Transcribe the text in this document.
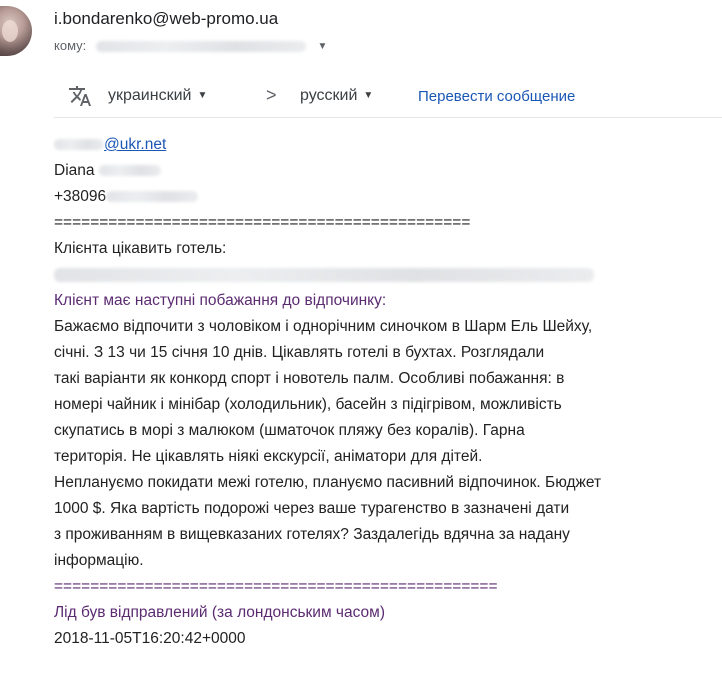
i.bondarenko@web-promo.ua
кому:	▼
украинский ▼	> русский ▼	Перевести сообщение
@ukr.net
Diana
+38096
==============================================
Клієнта цікавить готель:
Клієнт має наступні побажання до відпочинку:
Бажаємо відпочити з чоловіком і однорічним синочком в Шарм Ель Шейху,
січні. З 13 чи 15 січня 10 днів. Цікавлять готелі в бухтах. Розглядали
такі варіанти як конкорд спорт і новотель палм. Особливі побажання: в
номері чайник і мінібар (холодильник), басейн з підігрівом, можливість
скупатись в морі з малюком (шматочок пляжу без коралів). Гарна
територія. Не цікавлять ніякі екскурсії, аніматори для дітей.
Неплануємо покидати межі готелю, плануємо пасивний відпочинок. Бюджет
1000 $. Яка вартість подорожі через ваше турагенство в зазначені дати
з проживанням в вищевказаних готелях? Заздалегідь вдячна за надану
інформацію.
=================================================
Лід був відправлений (за лондонським часом)
2018-11-05T16:20:42+0000
